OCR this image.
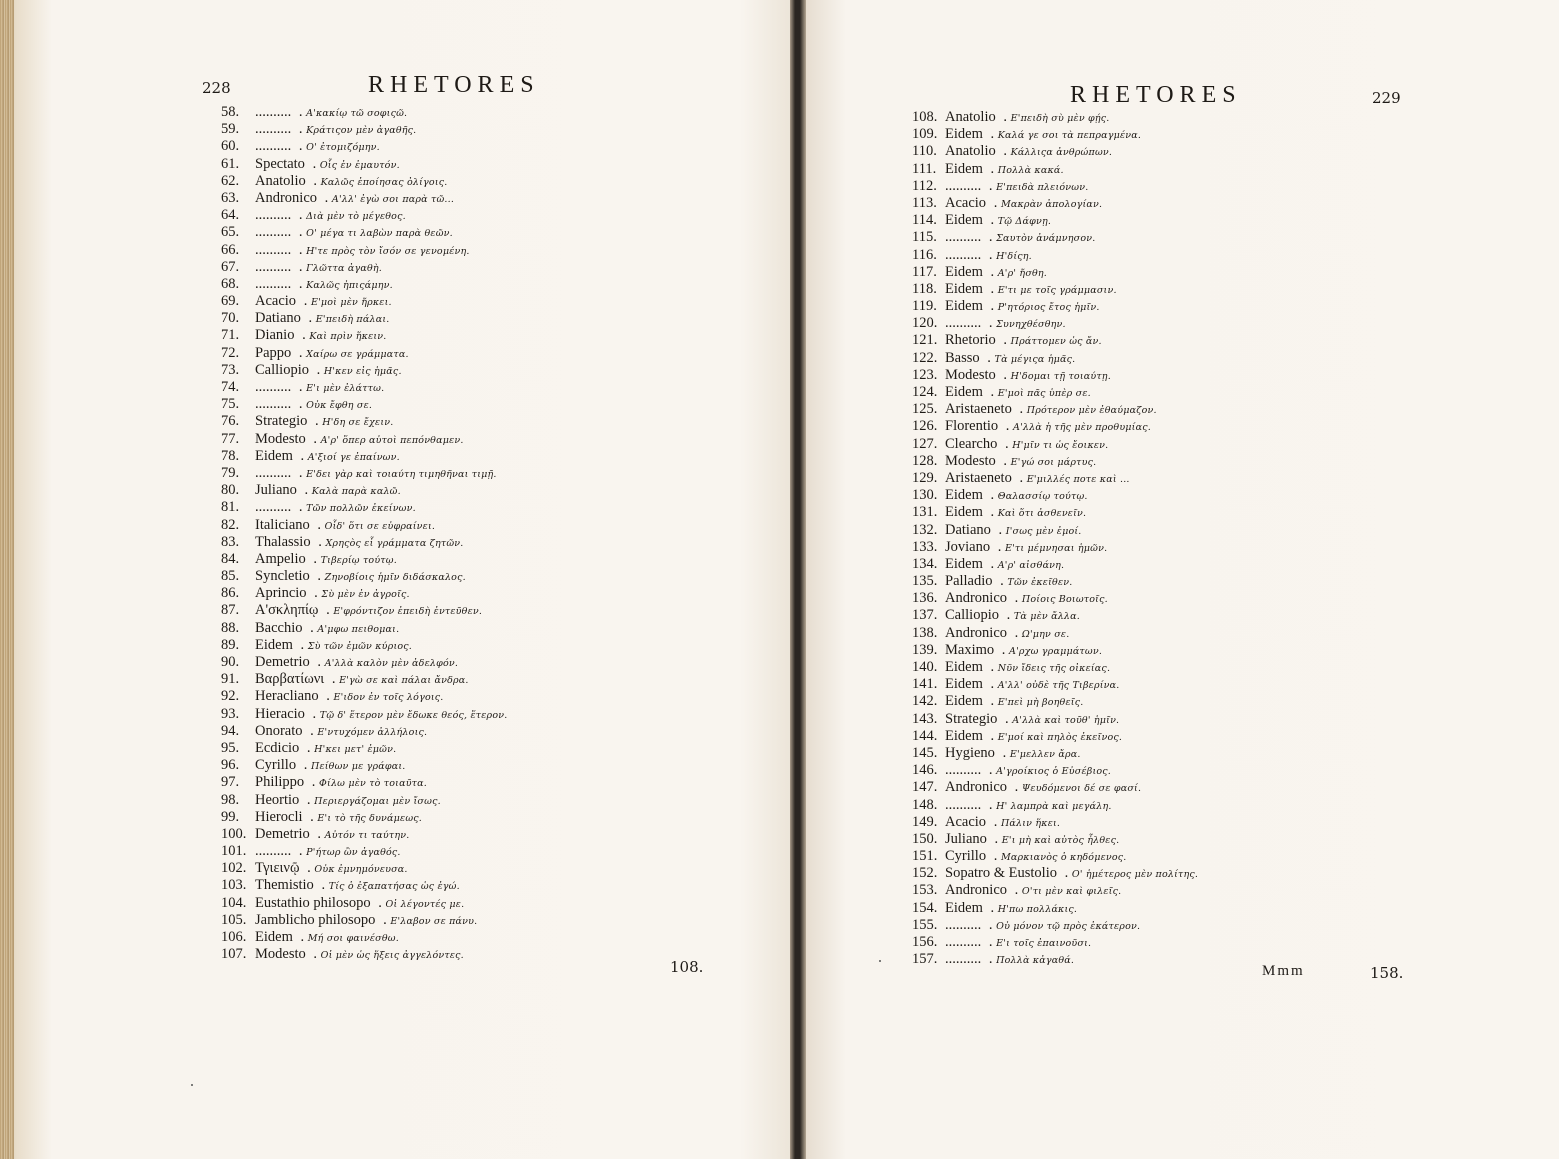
228	RHETORES
58. .......... . Α'κακίῳ τῶ σοφιςῶ.
59. .......... . Κράτιςον μὲν ἀγαθῆς.
60. .......... . Ο' ἐτομιζόμην.
61. Spectato . Οἷς ἐν ἐμαυτόν.
62. Anatolio . Καλῶς ἐποίησας ὀλίγοις.
63. Andronico . Α'λλ' ἐγὼ σοι παρὰ τῶ...
64. .......... . Διὰ μὲν τὸ μέγεθος.
65. .......... . Ο' μέγα τι λαβὼν παρὰ θεῶν.
66. .......... . Η'τε πρὸς τὸν ἴσόν σε γενομένη.
67. .......... . Γλῶττα ἀγαθὴ.
68. .......... . Καλῶς ἠπιςάμην.
69. Acacio . Ε'μοὶ μὲν ἤρκει.
70. Datiano . Ε'πειδὴ πάλαι.
71. Dianio . Καὶ πρὶν ἥκειν.
72. Pappo . Χαίρω σε γράμματα.
73. Calliopio . Η'κεν εἰς ἡμᾶς.
74. .......... . Ε'ι μὲν ἐλάττω.
75. .......... . Οὐκ ἔφθη σε.
76. Strategio . Η'δη σε ἔχειν.
77. Modesto . Α'ρ' ὅπερ αὐτοὶ πεπόνθαμεν.
78. Eidem . Α'ξιοί γε ἐπαίνων.
79. .......... . Ε'δει γὰρ καὶ τοιαύτη τιμηθῆναι τιμῇ.
80. Juliano . Καλὰ παρὰ καλῶ.
81. .......... . Τῶν πολλῶν ἐκείνων.
82. Italiciano . Οἶδ' ὅτι σε εὐφραίνει.
83. Thalassio . Χρηςὸς εἶ γράμματα ζητῶν.
84. Ampelio . Τιβερίῳ τούτῳ.
85. Syncletio . Ζηνοβίοις ἡμῖν διδάσκαλος.
86. Aprincio . Σὺ μὲν ἐν ἀγροῖς.
87. Α'σκληπίῳ . Ε'φρόντιζον ἐπειδὴ ἐντεῦθεν.
88. Bacchio . Α'μφω πειθομαι.
89. Eidem . Σὺ τῶν ἐμῶν κύριος.
90. Demetrio . Α'λλὰ καλὸν μὲν ἀδελφόν.
91. Βαρβατίωνι . Ε'γὼ σε καὶ πάλαι ἄνδρα.
92. Heracliano . Ε'ιδον ἐν τοῖς λόγοις.
93. Hieracio . Τῷ δ' ἕτερον μὲν ἔδωκε θεός, ἕτερον.
94. Onorato . Ε'ντυχόμεν ἀλλήλοις.
95. Ecdicio . Η'κει μετ' ἐμῶν.
96. Cyrillo . Πείθων με γράφαι.
97. Philippo . Φίλω μὲν τὸ τοιαῦτα.
98. Heortio . Περιεργάζομαι μὲν ἴσως.
99. Hierocli . Ε'ι τὸ τῆς δυνάμεως.
100. Demetrio . Αὐτόν τι ταύτην.
101. .......... . Ρ'ήτωρ ὢν ἀγαθός.
102. Τγιεινῷ . Οὐκ ἐμνημόνευσα.
103. Themistio . Τίς ὁ ἐξαπατήσας ὡς ἐγώ.
104. Eustathio philosopo . Οἱ λέγοντές με.
105. Jamblicho philosopo . Ε'λαβον σε πάνυ.
106. Eidem . Μή σοι φαινέσθω.
107. Modesto . Οἱ μὲν ὡς ἥξεις ἀγγελόντες.
108.
RHETORES	229
108. Anatolio . Ε'πειδὴ σὺ μὲν φῄς.
109. Eidem . Καλά γε σοι τὰ πεπραγμένα.
110. Anatolio . Κάλλιςα ἀνθρώπων.
111. Eidem . Πολλὰ κακά.
112. .......... . Ε'πειδὰ πλειόνων.
113. Acacio . Μακρὰν ἀπολογίαν.
114. Eidem . Τῷ Δάφνῃ.
115. .......... . Σαυτὸν ἀνάμνησον.
116. .......... . Η'δίςη.
117. Eidem . Α'ρ' ἤσθη.
118. Eidem . Ε'τι με τοῖς γράμμασιν.
119. Eidem . Ρ'ητόριος ἔτος ἡμῖν.
120. .......... . Συνηχθέσθην.
121. Rhetorio . Πράττομεν ὡς ἄν.
122. Basso . Τὰ μέγιςα ἡμᾶς.
123. Modesto . Η'δομαι τῇ τοιαύτῃ.
124. Eidem . Ε'μοὶ πᾶς ὑπὲρ σε.
125. Aristaeneto . Πρότερον μὲν ἐθαύμαζον.
126. Florentio . Α'λλὰ ἡ τῆς μὲν προθυμίας.
127. Clearcho . Η'μῖν τι ὡς ἔοικεν.
128. Modesto . Ε'γώ σοι μάρτυς.
129. Aristaeneto . Ε'μιλλές ποτε καὶ ...
130. Eidem . Θαλασσίῳ τούτῳ.
131. Eidem . Καὶ ὅτι ἀσθενεῖν.
132. Datiano . Ι'σως μὲν ἐμοί.
133. Joviano . Ε'τι μέμνησαι ἡμῶν.
134. Eidem . Α'ρ' αἰσθάνη.
135. Palladio . Τῶν ἐκεῖθεν.
136. Andronico . Ποίοις Βοιωτοῖς.
137. Calliopio . Τὰ μὲν ἄλλα.
138. Andronico . Ω'μην σε.
139. Maximo . Α'ρχω γραμμάτων.
140. Eidem . Νῦν ἴδεις τῆς οἰκείας.
141. Eidem . Α'λλ' οὐδὲ τῆς Τιβερίνα.
142. Eidem . Ε'πεὶ μὴ βοηθεῖς.
143. Strategio . Α'λλὰ καὶ τοῦθ' ἡμῖν.
144. Eidem . Ε'μοί καὶ πηλὸς ἐκεῖνος.
145. Hygieno . Ε'μελλεν ἄρα.
146. .......... . Α'γροίκιος ὁ Εὐσέβιος.
147. Andronico . Ψευδόμενοι δέ σε φασί.
148. .......... . Η' λαμπρὰ καὶ μεγάλη.
149. Acacio . Πάλιν ἥκει.
150. Juliano . Ε'ι μὴ καὶ αὐτὸς ἦλθες.
151. Cyrillo . Μαρκιανὸς ὁ κηδόμενος.
152. Sopatro & Eustolio . Ο' ἡμέτερος μὲν πολίτης.
153. Andronico . Ο'τι μὲν καὶ φιλεῖς.
154. Eidem . Η'πω πολλάκις.
155. .......... . Οὐ μόνον τῷ πρὸς ἑκάτερον.
156. .......... . Ε'ι τοῖς ἐπαινοῦσι.
157. .......... . Πολλὰ κἀγαθά.
Mmm	158.
